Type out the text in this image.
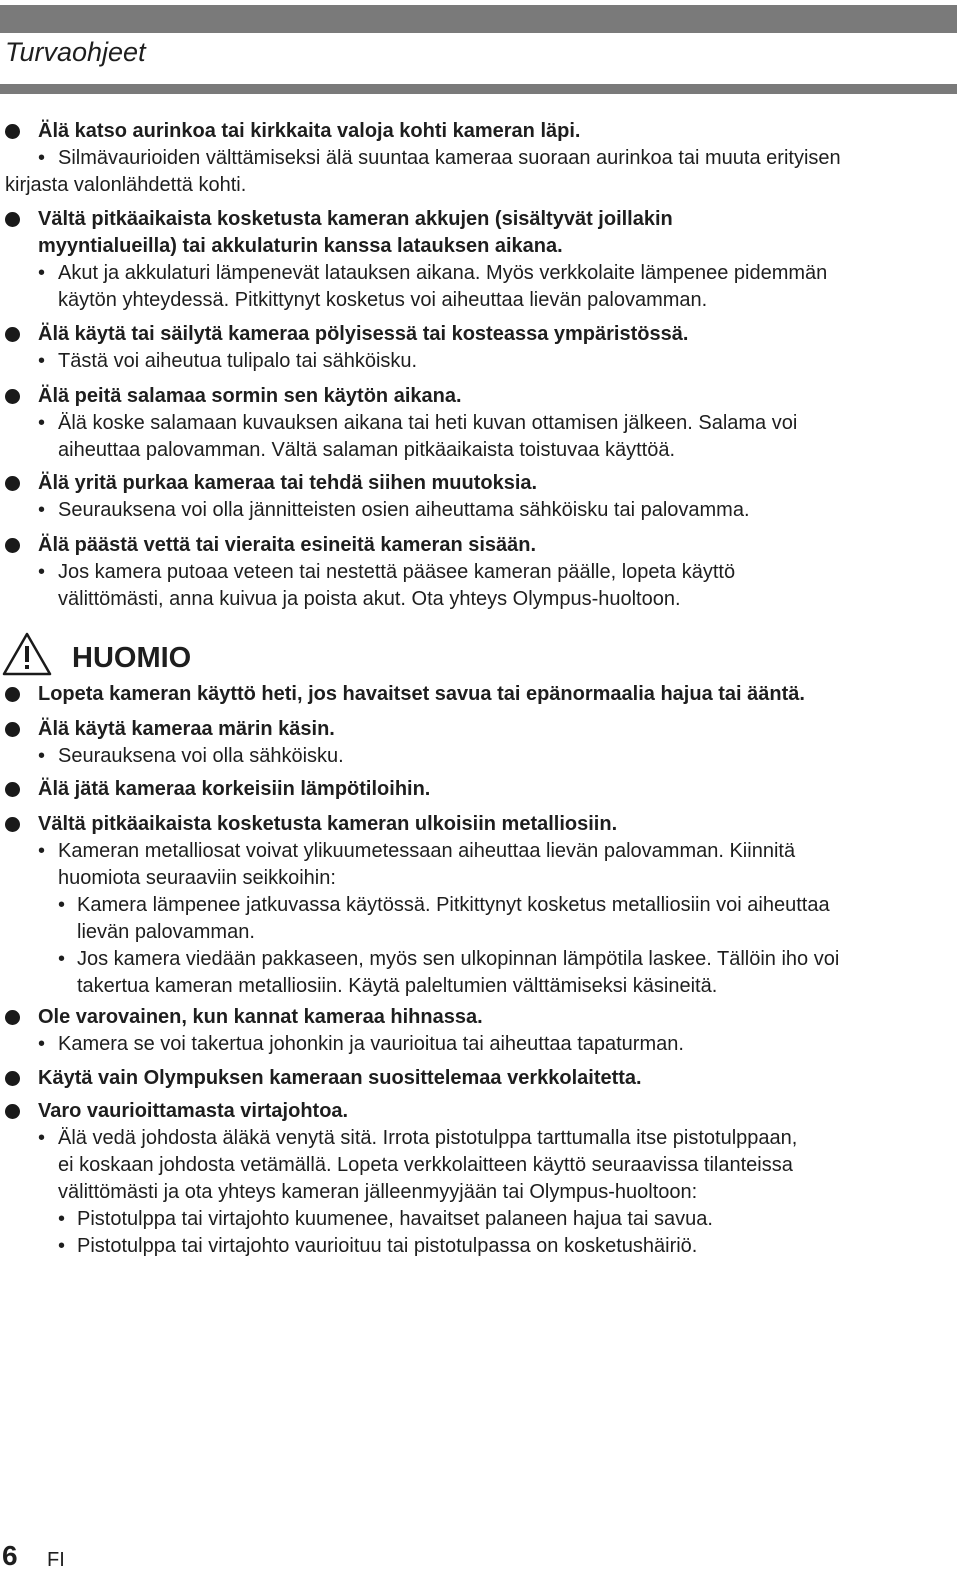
Turvaohjeet
Älä katso aurinkoa tai kirkkaita valoja kohti kameran läpi.
• Silmävaurioiden välttämiseksi älä suuntaa kameraa suoraan aurinkoa tai muuta erityisen
kirjasta valonlähdettä kohti.
Vältä pitkäaikaista kosketusta kameran akkujen (sisältyvät joillakin
myyntialueilla) tai akkulaturin kanssa latauksen aikana.
• Akut ja akkulaturi lämpenevät latauksen aikana. Myös verkkolaite lämpenee pidemmän
käytön yhteydessä. Pitkittynyt kosketus voi aiheuttaa lievän palovamman.
Älä käytä tai säilytä kameraa pölyisessä tai kosteassa ympäristössä.
• Tästä voi aiheutua tulipalo tai sähköisku.
Älä peitä salamaa sormin sen käytön aikana.
• Älä koske salamaan kuvauksen aikana tai heti kuvan ottamisen jälkeen. Salama voi
aiheuttaa palovamman. Vältä salaman pitkäaikaista toistuvaa käyttöä.
Älä yritä purkaa kameraa tai tehdä siihen muutoksia.
• Seurauksena voi olla jännitteisten osien aiheuttama sähköisku tai palovamma.
Älä päästä vettä tai vieraita esineitä kameran sisään.
• Jos kamera putoaa veteen tai nestettä pääsee kameran päälle, lopeta käyttö
välittömästi, anna kuivua ja poista akut. Ota yhteys Olympus-huoltoon.
HUOMIO
Lopeta kameran käyttö heti, jos havaitset savua tai epänormaalia hajua tai ääntä.
Älä käytä kameraa märin käsin.
• Seurauksena voi olla sähköisku.
Älä jätä kameraa korkeisiin lämpötiloihin.
Vältä pitkäaikaista kosketusta kameran ulkoisiin metalliosiin.
• Kameran metalliosat voivat ylikuumetessaan aiheuttaa lievän palovamman. Kiinnitä
huomiota seuraaviin seikkoihin:
• Kamera lämpenee jatkuvassa käytössä. Pitkittynyt kosketus metalliosiin voi aiheuttaa
lievän palovamman.
• Jos kamera viedään pakkaseen, myös sen ulkopinnan lämpötila laskee. Tällöin iho voi
takertua kameran metalliosiin. Käytä paleltumien välttämiseksi käsineitä.
Ole varovainen, kun kannat kameraa hihnassa.
• Kamera se voi takertua johonkin ja vaurioitua tai aiheuttaa tapaturman.
Käytä vain Olympuksen kameraan suosittelemaa verkkolaitetta.
Varo vaurioittamasta virtajohtoa.
• Älä vedä johdosta äläkä venytä sitä. Irrota pistotulppa tarttumalla itse pistotulppaan,
ei koskaan johdosta vetämällä. Lopeta verkkolaitteen käyttö seuraavissa tilanteissa
välittömästi ja ota yhteys kameran jälleenmyyjään tai Olympus-huoltoon:
• Pistotulppa tai virtajohto kuumenee, havaitset palaneen hajua tai savua.
• Pistotulppa tai virtajohto vaurioituu tai pistotulpassa on kosketushäiriö.
6 FI
